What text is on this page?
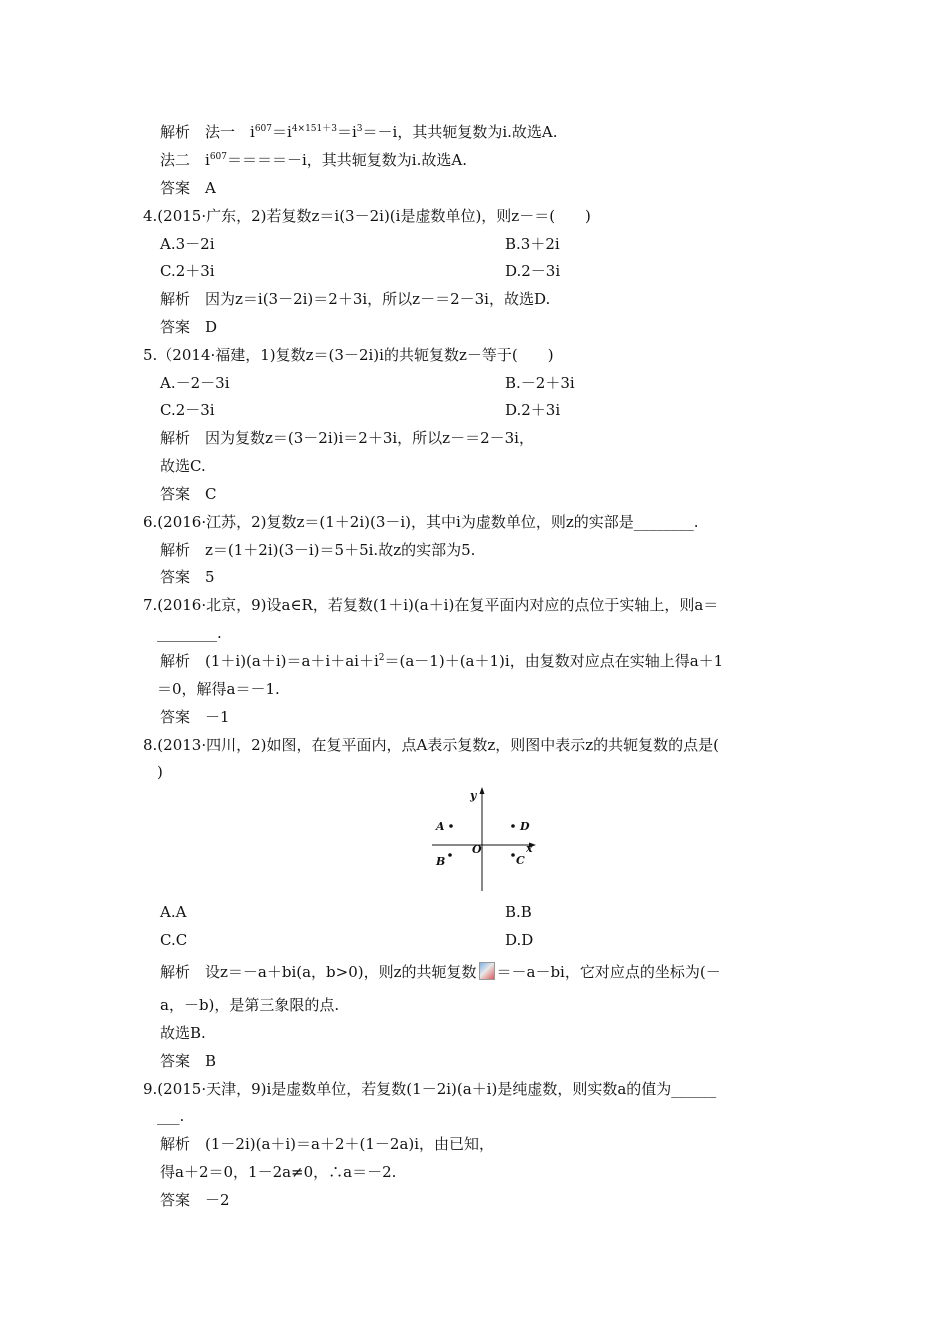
解析　法一　$i^{607}=i^{4\times 151+3}=i^3=-i$，其共轭复数为i.故选A.
法二　$i^{607}====-i$，其共轭复数为i.故选A.
答案　A
4.(2015·广东，2)若复数z＝i(3－2i)(i是虚数单位)，则z－＝(　　)
A.3－2i	B.3＋2i
C.2＋3i	D.2－3i
解析　因为z＝i(3－2i)＝2＋3i，所以z－＝2－3i，故选D.
答案　D
5.（2014·福建，1)复数z＝(3－2i)i的共轭复数z－等于(　　)
A.－2－3i	B.－2＋3i
C.2－3i	D.2＋3i
解析　因为复数z＝(3－2i)i＝2＋3i，所以z－＝2－3i，
故选C.
答案　C
6.(2016·江苏，2)复数z＝(1＋2i)(3－i)，其中i为虚数单位，则z的实部是________.
解析　z＝(1＋2i)(3－i)＝5＋5i.故z的实部为5.
答案　5
7.(2016·北京，9)设a∈R，若复数(1＋i)(a＋i)在复平面内对应的点位于实轴上，则a＝
________.
解析　$(1+i)(a+i)=a+i+ai+i^2=(a-1)+(a+1)i$，由复数对应点在实轴上得a＋1
＝0，解得a＝－1.
答案　－1
8.(2013·四川，2)如图，在复平面内，点A表示复数z，则图中表示z的共轭复数的点是(
)
y
x
O
A
B
D
C
A.A	B.B
C.C	D.D
解析　设z＝－a＋bi(a，b>0)，则z的共轭复数 ＝－a－bi，它对应点的坐标为(－
a，－b)，是第三象限的点.
故选B.
答案　B
9.(2015·天津，9)i是虚数单位，若复数(1－2i)(a＋i)是纯虚数，则实数a的值为______
___.
解析　(1－2i)(a＋i)＝a＋2＋(1－2a)i，由已知，
得a＋2＝0，1－2a≠0，∴a＝－2.
答案　－2
